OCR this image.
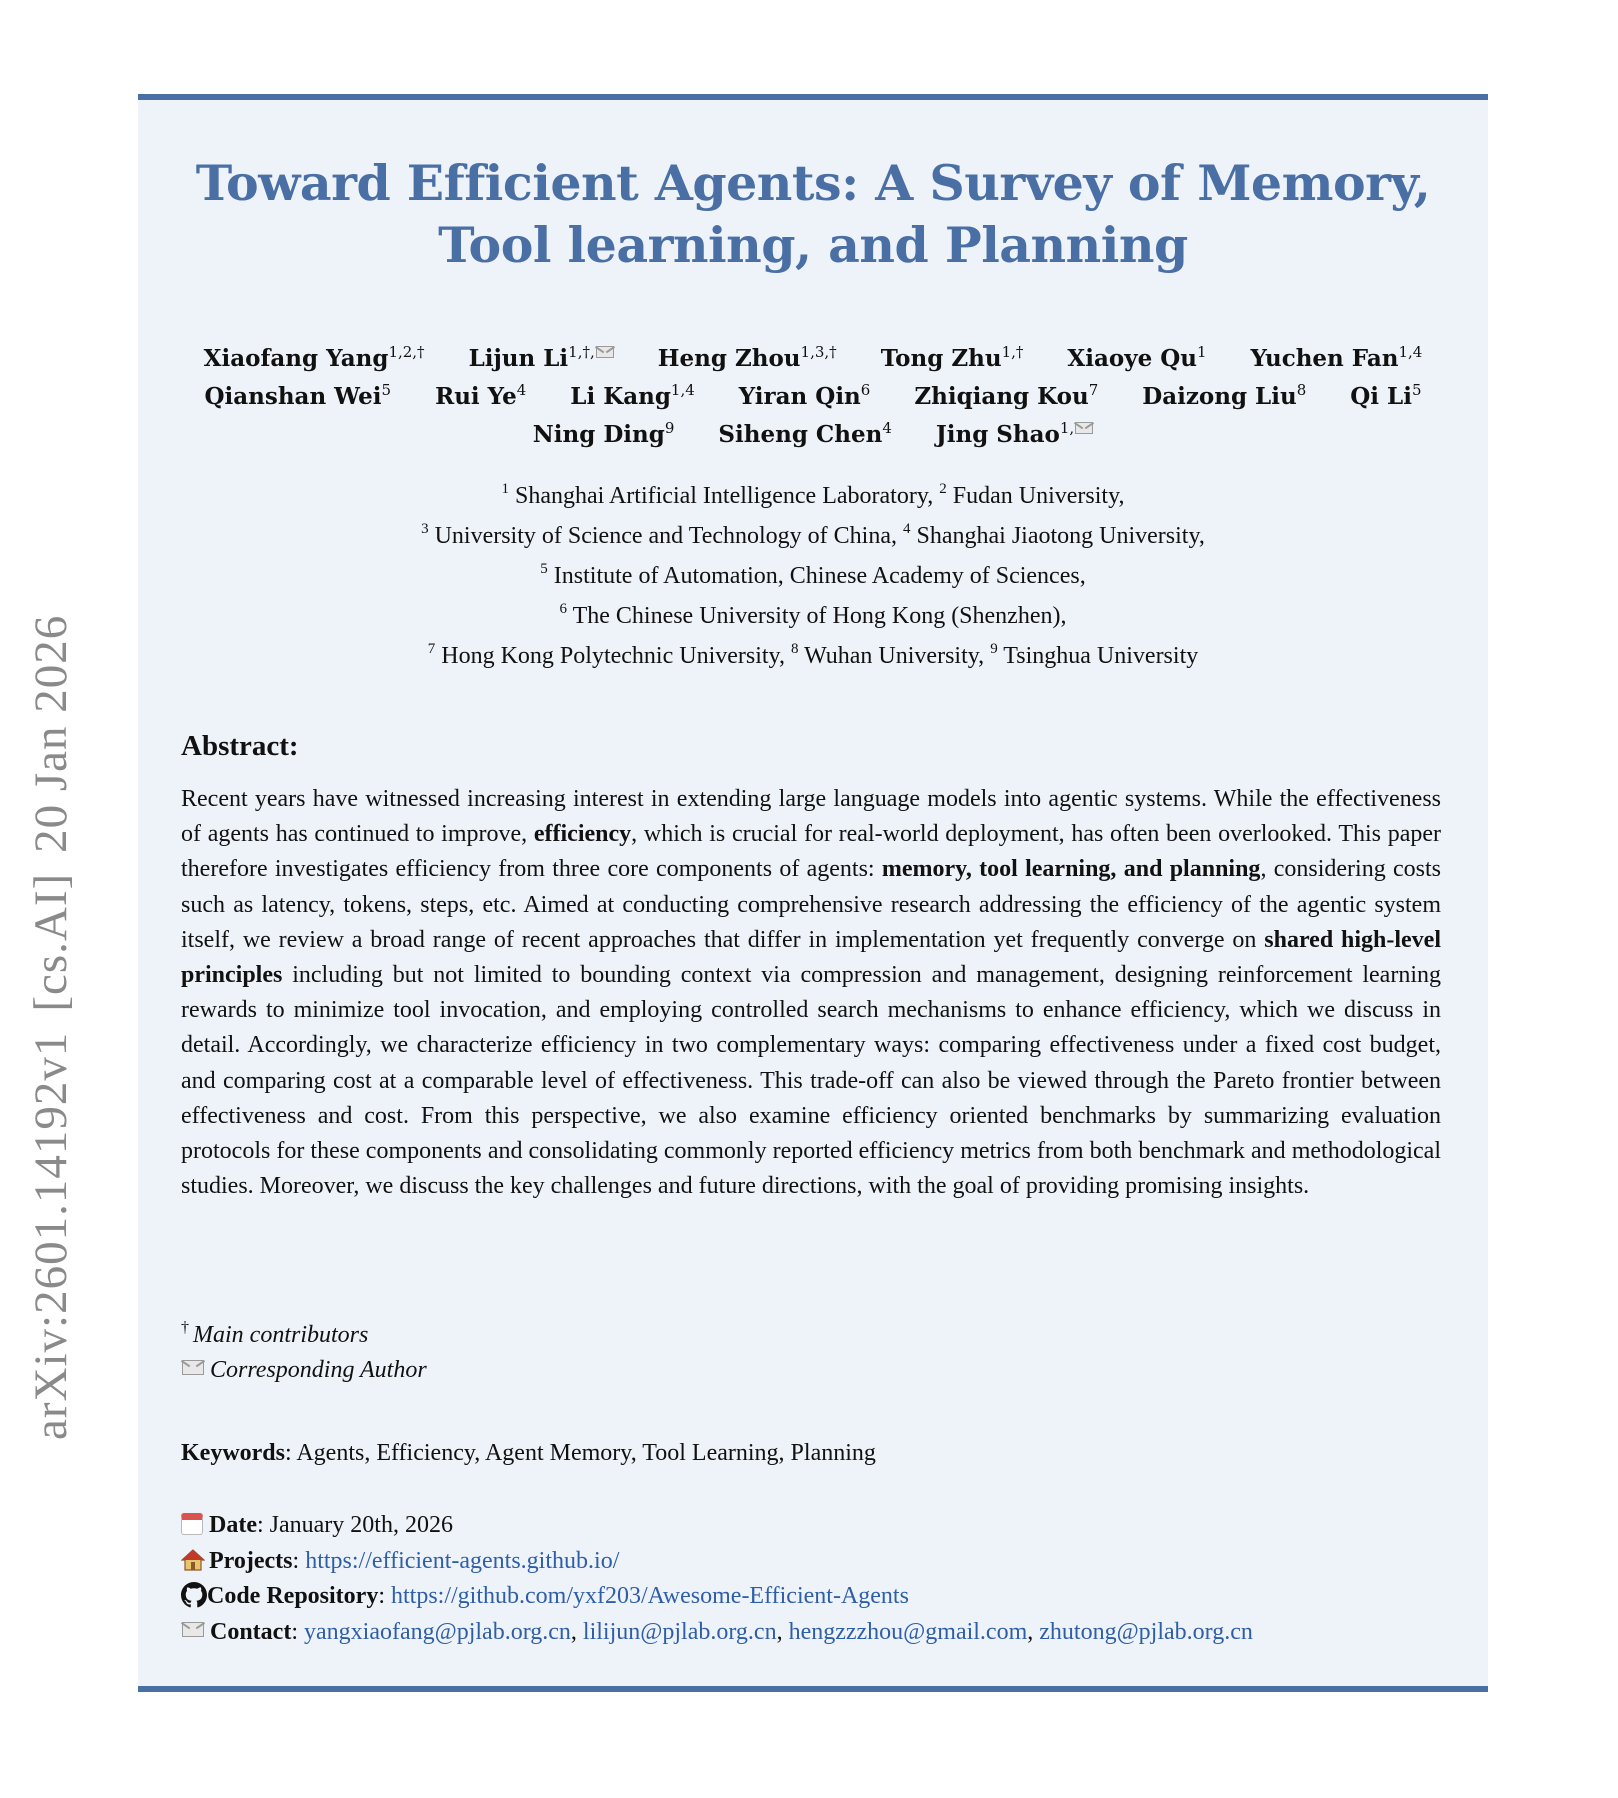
arXiv:2601.14192v1[cs.AI]20 Jan 2026
Toward Efficient Agents: A Survey of Memory,
Tool learning, and Planning
Xiaofang Yang$^{1,2,\dagger}$ Lijun $Li^{1,\dagger,}$	Heng Zhou$^{1,3,\dagger}$ Tong Zhu$^{1,\dagger}$ Xiaoye Qu$^1$ Yuchen Fan$^{1,4}$
Qianshan Wei$^5$ Rui Ye$^4$ Li Kang$^{1,4}$ Yiran Qin$^6$ Zhiqiang Kou$^7$ Daizong Liu$^8$ Qi Li$^5$
Ning Ding$^9$ Siheng Chen$^4$ Jing Shao$^{1,}$
$^1$ Shanghai Artificial Intelligence Laboratory, $^2$ Fudan University,
$^3$ University of Science and Technology of China, $^4$ Shanghai Jiaotong University,
$^5$ Institute of Automation, Chinese Academy of Sciences,
$^6$ The Chinese University of Hong Kong (Shenzhen),
$^7$ Hong Kong Polytechnic University, $^8$ Wuhan University, $^9$ Tsinghua University
Abstract:
Recent years have witnessed increasing interest in extending large language models into agentic systems. While the effectiveness of agents has continued to improve, efficiency, which is crucial for real-world deployment, has often been overlooked. This paper therefore investigates efficiency from three core components of agents: memory, tool learning, and planning, considering costs such as latency, tokens, steps, etc. Aimed at conducting comprehensive research addressing the efficiency of the agentic system itself, we review a broad range of recent approaches that differ in implementation yet frequently converge on shared high-level principles including but not limited to bounding context via compression and management, designing reinforcement learning rewards to minimize tool invocation, and employing controlled search mechanisms to enhance efficiency, which we discuss in detail. Accordingly, we characterize efficiency in two complementary ways: comparing effectiveness under a fixed cost budget, and comparing cost at a comparable level of effectiveness. This trade-off can also be viewed through the Pareto frontier between effectiveness and cost. From this perspective, we also examine efficiency oriented benchmarks by summarizing evaluation protocols for these components and consolidating commonly reported efficiency metrics from both benchmark and methodological studies. Moreover, we discuss the key challenges and future directions, with the goal of providing promising insights.
† Main contributors
Corresponding Author
Keywords: Agents, Efficiency, Agent Memory, Tool Learning, Planning
Date: January 20th, 2026
Projects: https://efficient-agents.github.io/
Code Repository: https://github.com/yxf203/Awesome-Efficient-Agents
Contact: yangxiaofang@pjlab.org.cn, lilijun@pjlab.org.cn, hengzzzhou@gmail.com, zhutong@pjlab.org.cn
